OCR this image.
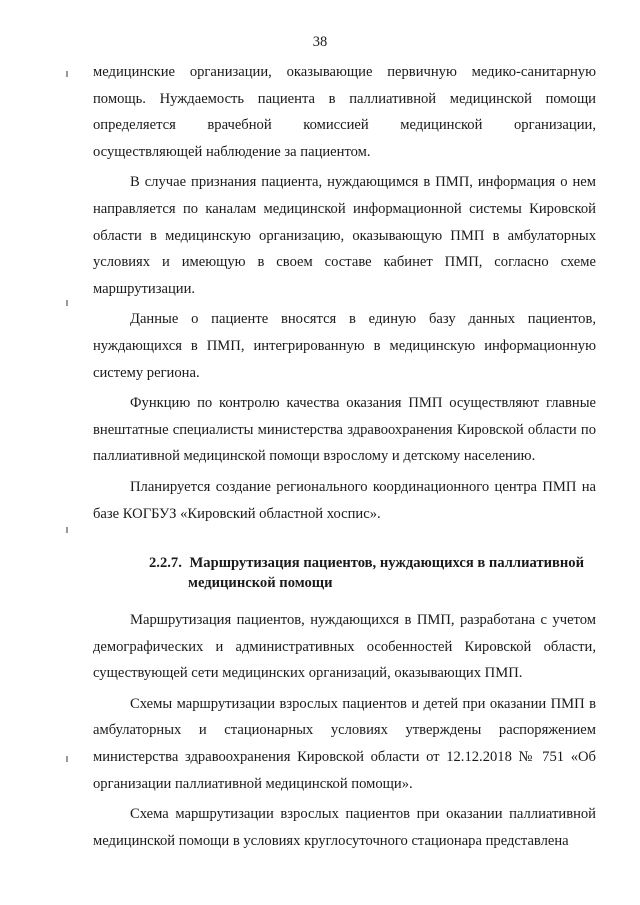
38

медицинские организации, оказывающие первичную медико-санитарную помощь. Нуждаемость пациента в паллиативной медицинской помощи определяется врачебной комиссией медицинской организации, осуществляющей наблюдение за пациентом.

В случае признания пациента, нуждающимся в ПМП, информация о нем направляется по каналам медицинской информационной системы Кировской области в медицинскую организацию, оказывающую ПМП в амбулаторных условиях и имеющую в своем составе кабинет ПМП, согласно схеме маршрутизации.

Данные о пациенте вносятся в единую базу данных пациентов, нуждающихся в ПМП, интегрированную в медицинскую информационную систему региона.

Функцию по контролю качества оказания ПМП осуществляют главные внештатные специалисты министерства здравоохранения Кировской области по паллиативной медицинской помощи взрослому и детскому населению.

Планируется создание регионального координационного центра ПМП на базе КОГБУЗ «Кировский областной хоспис».

2.2.7. Маршрутизация пациентов, нуждающихся в паллиативной
медицинской помощи

Маршрутизация пациентов, нуждающихся в ПМП, разработана с учетом демографических и административных особенностей Кировской области, существующей сети медицинских организаций, оказывающих ПМП.

Схемы маршрутизации взрослых пациентов и детей при оказании ПМП в амбулаторных и стационарных условиях утверждены распоряжением министерства здравоохранения Кировской области от 12.12.2018 № 751 «Об организации паллиативной медицинской помощи».

Схема маршрутизации взрослых пациентов при оказании паллиативной медицинской помощи в условиях круглосуточного стационара представлена
